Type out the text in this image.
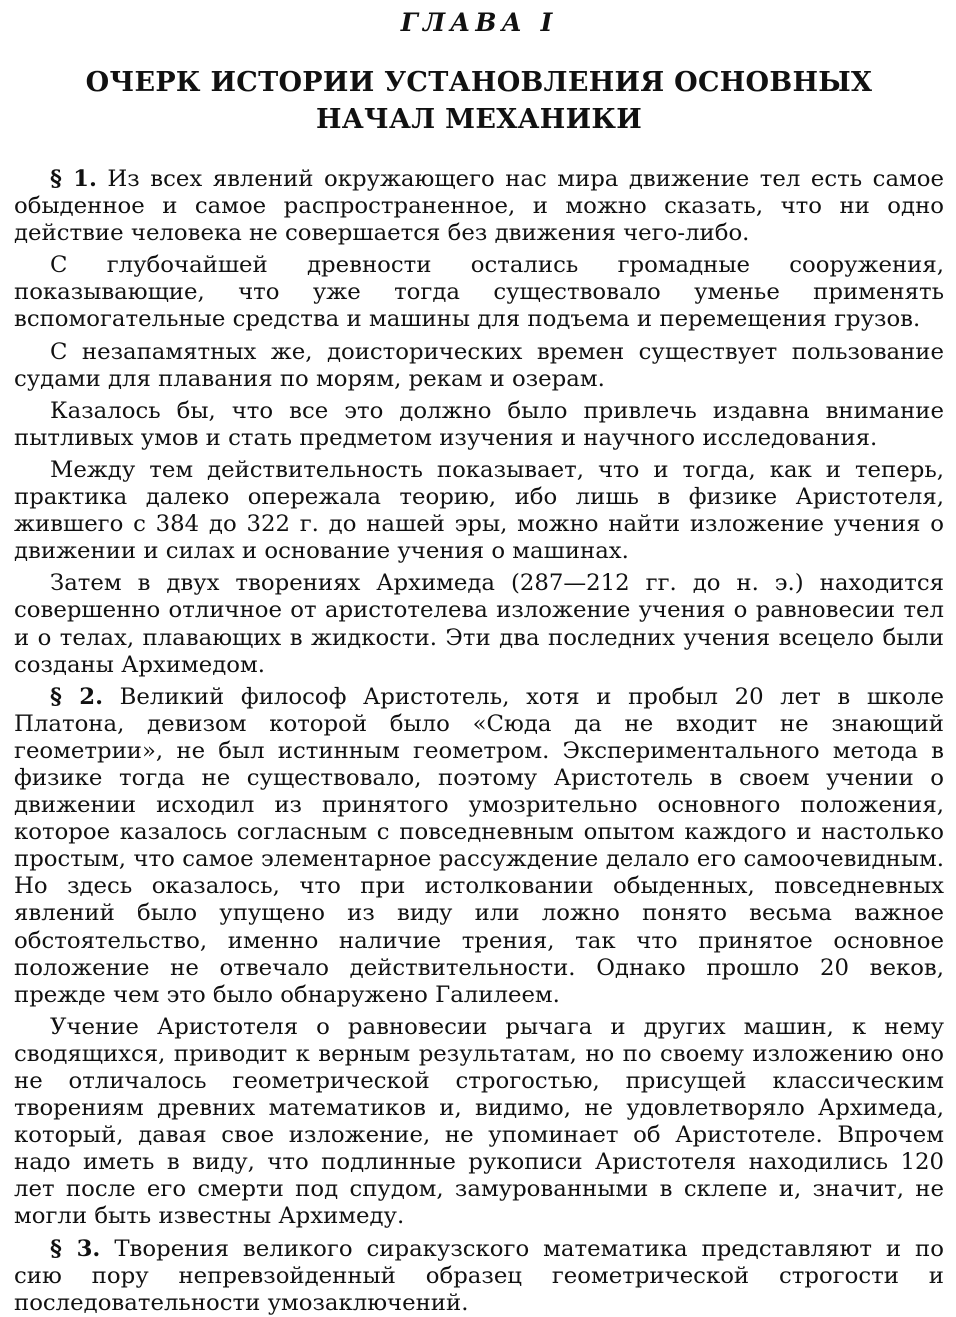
ГЛАВА I
ОЧЕРК ИСТОРИИ УСТАНОВЛЕНИЯ ОСНОВНЫХ
НАЧАЛ МЕХАНИКИ

§ 1. Из всех явлений окружающего нас мира движение тел есть самое обыденное и самое распространенное, и можно сказать, что ни одно действие человека не совершается без движения чего-либо.

С глубочайшей древности остались громадные сооружения, показывающие, что уже тогда существовало уменье применять вспомогательные средства и машины для подъема и перемещения грузов.

С незапамятных же, доисторических времен существует пользование судами для плавания по морям, рекам и озерам.

Казалось бы, что все это должно было привлечь издавна внимание пытливых умов и стать предметом изучения и научного исследования.

Между тем действительность показывает, что и тогда, как и теперь, практика далеко опережала теорию, ибо лишь в физике Аристотеля, жившего с 384 до 322 г. до нашей эры, можно найти изложение учения о движении и силах и основание учения о машинах.

Затем в двух творениях Архимеда (287—212 гг. до н. э.) находится совершенно отличное от аристотелева изложение учения о равновесии тел и о телах, плавающих в жидкости. Эти два последних учения всецело были созданы Архимедом.

§ 2. Великий философ Аристотель, хотя и пробыл 20 лет в школе Платона, девизом которой было «Сюда да не входит не знающий геометрии», не был истинным геометром. Экспериментального метода в физике тогда не существовало, поэтому Аристотель в своем учении о движении исходил из принятого умозрительно основного положения, которое казалось согласным с повседневным опытом каждого и настолько простым, что самое элементарное рассуждение делало его самоочевидным. Но здесь оказалось, что при истолковании обыденных, повседневных явлений было упущено из виду или ложно понято весьма важное обстоятельство, именно наличие трения, так что принятое основное положение не отвечало действительности. Однако прошло 20 веков, прежде чем это было обнаружено Галилеем.

Учение Аристотеля о равновесии рычага и других машин, к нему сводящихся, приводит к верным результатам, но по своему изложению оно не отличалось геометрической строгостью, присущей классическим творениям древних математиков и, видимо, не удовлетворяло Архимеда, который, давая свое изложение, не упоминает об Аристотеле. Впрочем надо иметь в виду, что подлинные рукописи Аристотеля находились 120 лет после его смерти под спудом, замурованными в склепе и, значит, не могли быть известны Архимеду.

§ 3. Творения великого сиракузского математика представляют и по сию пору непревзойденный образец геометрической строгости и последовательности умозаключений.
